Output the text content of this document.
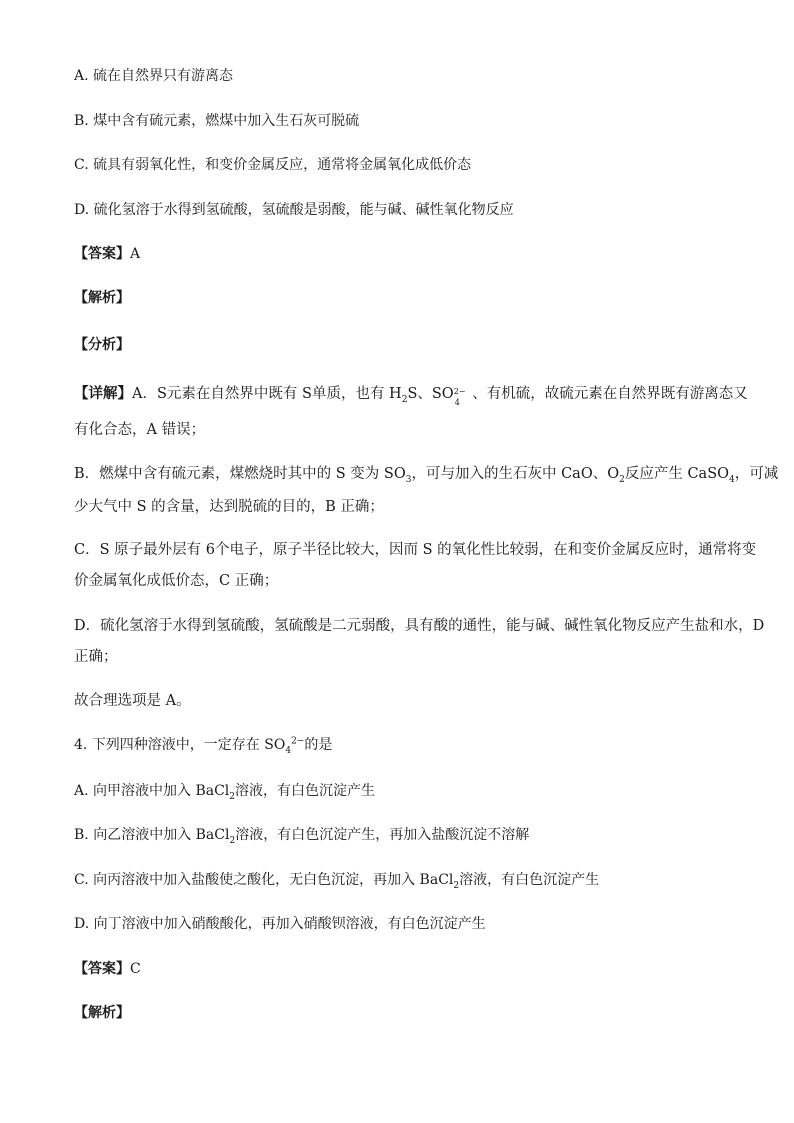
A. 硫在自然界只有游离态
B. 煤中含有硫元素，燃煤中加入生石灰可脱硫
C. 硫具有弱氧化性，和变价金属反应，通常将金属氧化成低价态
D. 硫化氢溶于水得到氢硫酸，氢硫酸是弱酸，能与碱、碱性氧化物反应
【答案】A
【解析】
【分析】
【详解】A．S元素在自然界中既有 S单质，也有 $H_2S$、SO 2−
4
、有机硫，故硫元素在自然界既有游离态又
有化合态，A 错误；
B．燃煤中含有硫元素，煤燃烧时其中的 S 变为 $SO_3$，可与加入的生石灰中 CaO、$O_2$反应产生 CaSO$_4$，可减
少大气中 S 的含量，达到脱硫的目的，B 正确；
C．S 原子最外层有 6个电子，原子半径比较大，因而 S 的氧化性比较弱，在和变价金属反应时，通常将变
价金属氧化成低价态，C 正确；
D．硫化氢溶于水得到氢硫酸，氢硫酸是二元弱酸，具有酸的通性，能与碱、碱性氧化物反应产生盐和水，D
正确；
故合理选项是 A。
4. 下列四种溶液中，一定存在 $SO_4^{2-}$的是
A. 向甲溶液中加入 BaCl$_2$溶液，有白色沉淀产生
B. 向乙溶液中加入 BaCl$_2$溶液，有白色沉淀产生，再加入盐酸沉淀不溶解
C. 向丙溶液中加入盐酸使之酸化，无白色沉淀，再加入 BaCl$_2$溶液，有白色沉淀产生
D. 向丁溶液中加入硝酸酸化，再加入硝酸钡溶液，有白色沉淀产生
【答案】C
【解析】
